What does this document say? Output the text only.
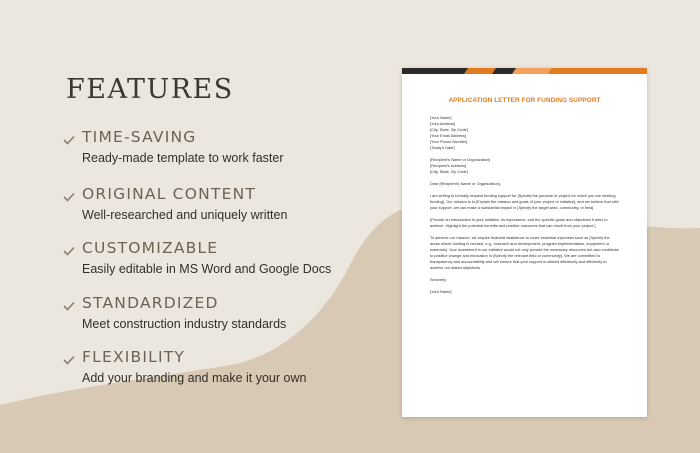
FEATURES

TIME-SAVING

Ready-made template to work faster

ORIGINAL CONTENT

Well-researched and uniquely written

CUSTOMIZABLE

Easily editable in MS Word and Google Docs

STANDARDIZED

Meet construction industry standards

FLEXIBILITY

Add your branding and make it your own

APPLICATION LETTER FOR FUNDING SUPPORT

[Your Name]
[Your Address]
[City, State, Zip Code]
[Your Email Address]
[Your Phone Number]
[Today's Date]
[Recipient's Name or Organization]
[Recipient's Address]
[City, State, Zip Code]
Dear [Recipient's Name or Organization],
I am writing to formally request funding support for [Specify the purpose or project for which you are seeking funding]. Our mission is to [Explain the mission and goals of your project or initiative], and we believe that with your support, we can make a substantial impact in [Specify the target area, community, or field].
[Provide an introduction to your initiative, its importance, and the specific goals and objectives it aims to achieve. Highlight the potential benefits and positive outcomes that can result from your project.]
To achieve our mission, we require financial assistance to cover essential expenses such as [Specify the areas where funding is needed, e.g., research and development, program implementation, equipment or materials]. Your investment in our initiative would not only provide the necessary resources but also contribute to positive change and innovation in [Specify the relevant field or community]. We are committed to transparency and accountability and will ensure that your support is utilized effectively and efficiently to achieve our stated objectives.
Sincerely,
[Your Name]
